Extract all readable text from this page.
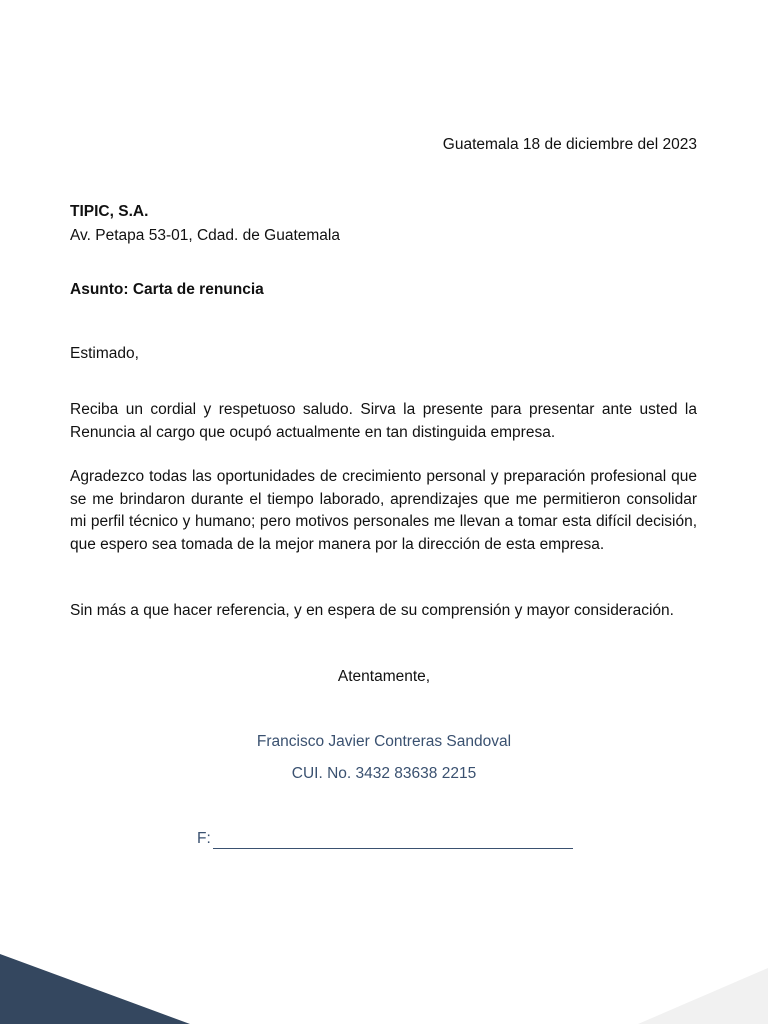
Guatemala 18 de diciembre del 2023
TIPIC, S.A.
Av. Petapa 53-01, Cdad. de Guatemala
Asunto: Carta de renuncia
Estimado,

Reciba un cordial y respetuoso saludo. Sirva la presente para presentar ante usted la Renuncia al cargo que ocupó actualmente en tan distinguida empresa.

Agradezco todas las oportunidades de crecimiento personal y preparación profesional que se me brindaron durante el tiempo laborado, aprendizajes que me permitieron consolidar mi perfil técnico y humano; pero motivos personales me llevan a tomar esta difícil decisión, que espero sea tomada de la mejor manera por la dirección de esta empresa.

Sin más a que hacer referencia, y en espera de su comprensión y mayor consideración.

Atentamente,
Francisco Javier Contreras Sandoval
CUI. No. 3432 83638 2215
F:
